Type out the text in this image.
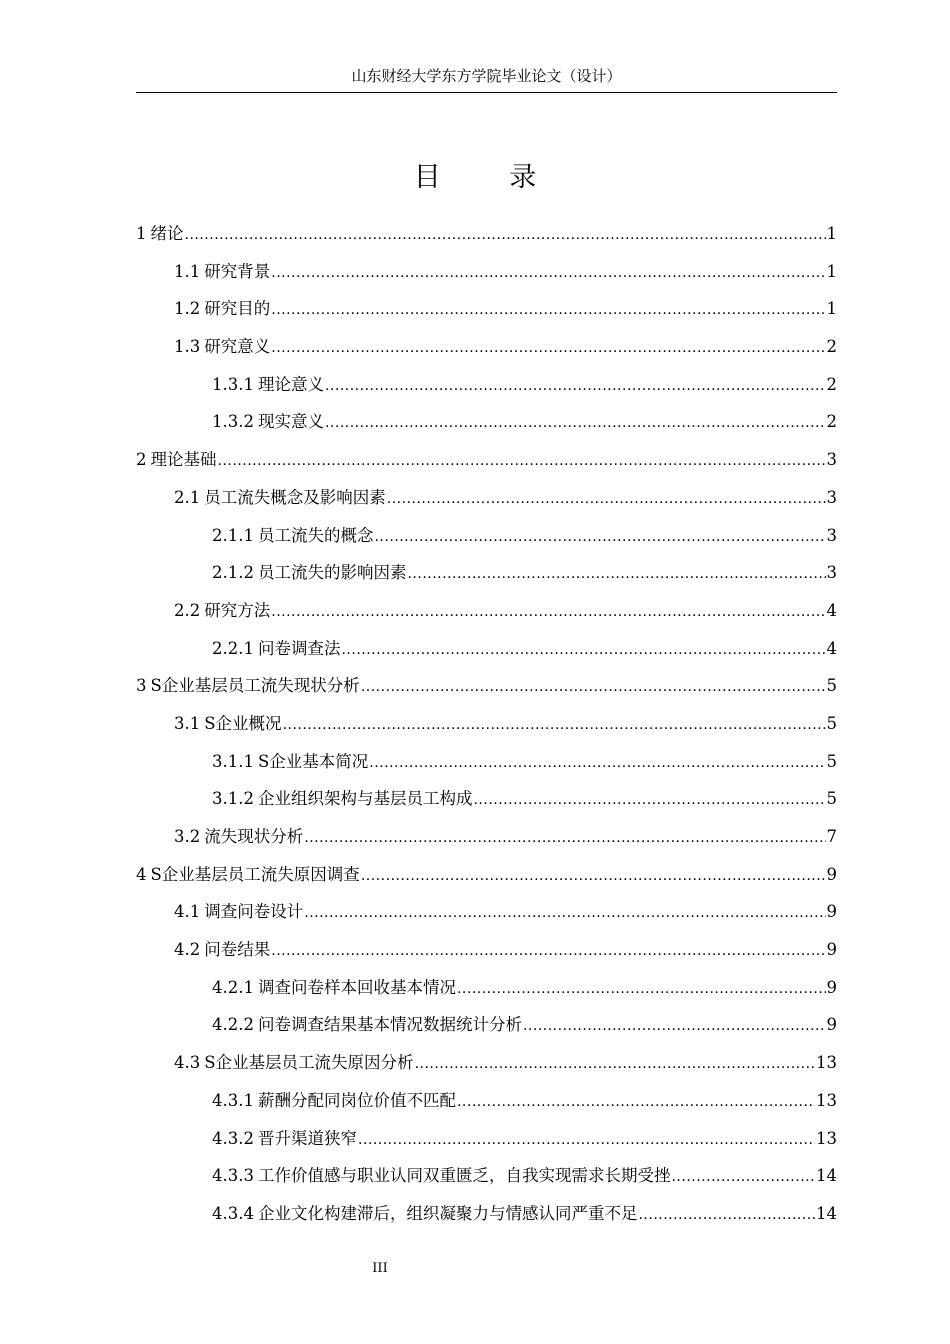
山东财经大学东方学院毕业论文（设计）
目 录
1 绪论 .....	1
1.1 研究背景 .....	1
1.2 研究目的 .....	1
1.3 研究意义 .....	2
1.3.1 理论意义 .....	2
1.3.2 现实意义 .....	2
2 理论基础 .....	3
2.1 员工流失概念及影响因素 .....	3
2.1.1 员工流失的概念 .....	3
2.1.2 员工流失的影响因素 .....	3
2.2 研究方法 .....	4
2.2.1 问卷调查法 .....	4
3 S企业基层员工流失现状分析 .....	5
3.1 S企业概况 .....	5
3.1.1 S企业基本简况 .....	5
3.1.2 企业组织架构与基层员工构成 .....	5
3.2 流失现状分析 .....	7
4 S企业基层员工流失原因调查 .....	9
4.1 调查问卷设计 .....	9
4.2 问卷结果 .....	9
4.2.1 调查问卷样本回收基本情况 .....	9
4.2.2 问卷调查结果基本情况数据统计分析 .....	9
4.3 S企业基层员工流失原因分析 .....	13
4.3.1 薪酬分配同岗位价值不匹配 .....	13
4.3.2 晋升渠道狭窄 .....	13
4.3.3 工作价值感与职业认同双重匮乏，自我实现需求长期受挫 .....	14
4.3.4 企业文化构建滞后，组织凝聚力与情感认同严重不足 .....	14
III
